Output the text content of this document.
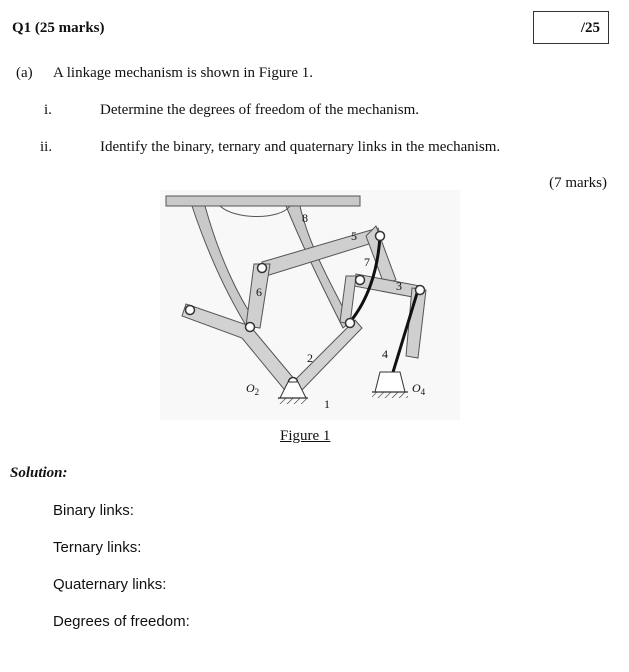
Q1 (25 marks)	/25
(a) A linkage mechanism is shown in Figure 1.
i.	Determine the degrees of freedom of the mechanism.
ii.	Identify the binary, ternary and quaternary links in the mechanism.
(7 marks)
1
2
3
4
5
6
7
8
$O_2$	$O_4$
Figure 1
Solution:
Binary links:
Ternary links:
Quaternary links:
Degrees of freedom:
